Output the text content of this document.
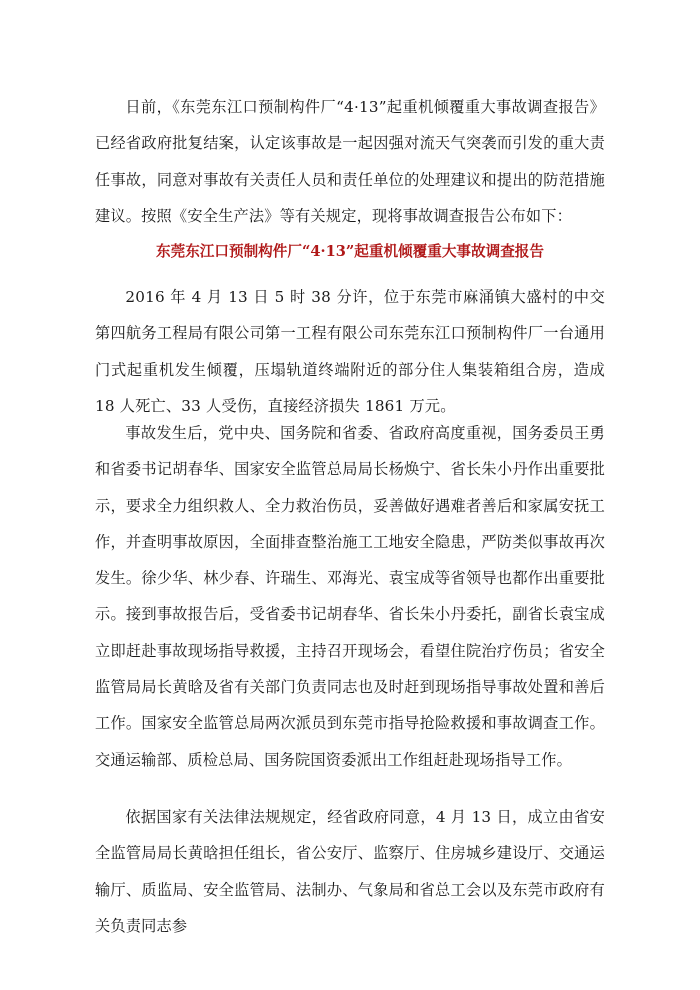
日前，《东莞东江口预制构件厂“4·13”起重机倾覆重大事故调查报告》已经省政府批复结案，认定该事故是一起因强对流天气突袭而引发的重大责任事故，同意对事故有关责任人员和责任单位的处理建议和提出的防范措施建议。按照《安全生产法》等有关规定，现将事故调查报告公布如下：

东莞东江口预制构件厂“4·13”起重机倾覆重大事故调查报告

2016 年 4 月 13 日 5 时 38 分许，位于东莞市麻涌镇大盛村的中交第四航务工程局有限公司第一工程有限公司东莞东江口预制构件厂一台通用门式起重机发生倾覆，压塌轨道终端附近的部分住人集装箱组合房，造成 18 人死亡、33 人受伤，直接经济损失 1861 万元。

事故发生后，党中央、国务院和省委、省政府高度重视，国务委员王勇和省委书记胡春华、国家安全监管总局局长杨焕宁、省长朱小丹作出重要批示，要求全力组织救人、全力救治伤员，妥善做好遇难者善后和家属安抚工作，并查明事故原因，全面排查整治施工工地安全隐患，严防类似事故再次发生。徐少华、林少春、许瑞生、邓海光、袁宝成等省领导也都作出重要批示。接到事故报告后，受省委书记胡春华、省长朱小丹委托，副省长袁宝成立即赶赴事故现场指导救援，主持召开现场会，看望住院治疗伤员；省安全监管局局长黄晗及省有关部门负责同志也及时赶到现场指导事故处置和善后工作。国家安全监管总局两次派员到东莞市指导抢险救援和事故调查工作。交通运输部、质检总局、国务院国资委派出工作组赶赴现场指导工作。

依据国家有关法律法规规定，经省政府同意，4 月 13 日，成立由省安全监管局局长黄晗担任组长，省公安厅、监察厅、住房城乡建设厅、交通运输厅、质监局、安全监管局、法制办、气象局和省总工会以及东莞市政府有关负责同志参
